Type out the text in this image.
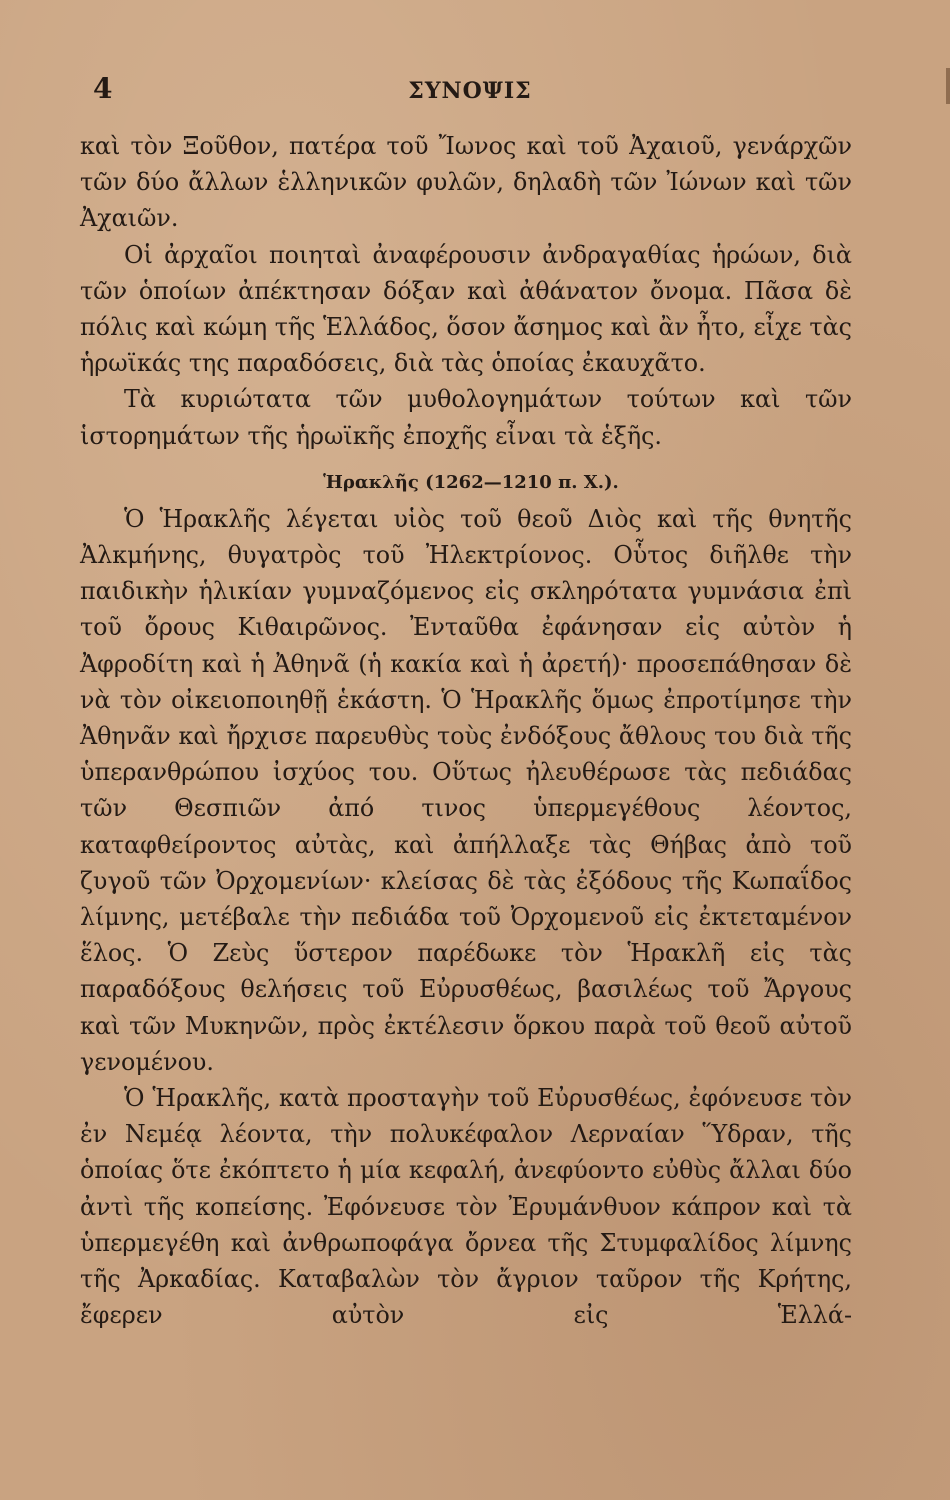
4	ΣΥΝΟΨΙΣ

καὶ τὸν Ξοῦθον, πατέρα τοῦ Ἴωνος καὶ τοῦ Ἀχαιοῦ, γενάρχῶν τῶν δύο ἄλλων ἑλληνικῶν φυλῶν, δηλαδὴ τῶν Ἰώνων καὶ τῶν Ἀχαιῶν.

Οἱ ἀρχαῖοι ποιηταὶ ἀναφέρουσιν ἀνδραγαθίας ἡρώων, διὰ τῶν ὁποίων ἀπέκτησαν δόξαν καὶ ἀθάνατον ὄνομα. Πᾶσα δὲ πόλις καὶ κώμη τῆς Ἑλλάδος, ὅσον ἄσημος καὶ ἂν ἦτο, εἶχε τὰς ἡρωϊκάς της παραδόσεις, διὰ τὰς ὁποίας ἐκαυχᾶτο.

Τὰ κυριώτατα τῶν μυθολογημάτων τούτων καὶ τῶν ἱστορημάτων τῆς ἡρωϊκῆς ἐποχῆς εἶναι τὰ ἑξῆς.

Ἡρακλῆς (1262—1210 π. Χ.).

Ὁ Ἡρακλῆς λέγεται υἱὸς τοῦ θεοῦ Διὸς καὶ τῆς θνητῆς Ἀλκμήνης, θυγατρὸς τοῦ Ἠλεκτρίονος. Οὗτος διῆλθε τὴν παιδικὴν ἡλικίαν γυμναζόμενος εἰς σκληρότατα γυμνάσια ἐπὶ τοῦ ὄρους Κιθαιρῶνος. Ἐνταῦθα ἐφάνησαν εἰς αὐτὸν ἡ Ἀφροδίτη καὶ ἡ Ἀθηνᾶ (ἡ κακία καὶ ἡ ἀρετή)· προσεπάθησαν δὲ νὰ τὸν οἰκειοποιηθῇ ἑκάστη. Ὁ Ἡρακλῆς ὅμως ἐπροτίμησε τὴν Ἀθηνᾶν καὶ ἤρχισε παρευθὺς τοὺς ἐνδόξους ἄθλους του διὰ τῆς ὑπερανθρώπου ἰσχύος του. Οὕτως ἠλευθέρωσε τὰς πεδιάδας τῶν Θεσπιῶν ἀπό τινος ὑπερμεγέθους λέοντος, καταφθείροντος αὐτὰς, καὶ ἀπήλλαξε τὰς Θήβας ἀπὸ τοῦ ζυγοῦ τῶν Ὀρχομενίων· κλείσας δὲ τὰς ἐξόδους τῆς Κωπαΐδος λίμνης, μετέβαλε τὴν πεδιάδα τοῦ Ὀρχομενοῦ εἰς ἐκτεταμένον ἕλος. Ὁ Ζεὺς ὕστερον παρέδωκε τὸν Ἡρακλῆ εἰς τὰς παραδόξους θελήσεις τοῦ Εὐρυσθέως, βασιλέως τοῦ Ἄργους καὶ τῶν Μυκηνῶν, πρὸς ἐκτέλεσιν ὅρκου παρὰ τοῦ θεοῦ αὐτοῦ γενομένου.

Ὁ Ἡρακλῆς, κατὰ προσταγὴν τοῦ Εὐρυσθέως, ἐφόνευσε τὸν ἐν Νεμέᾳ λέοντα, τὴν πολυκέφαλον Λερναίαν Ὕδραν, τῆς ὁποίας ὅτε ἐκόπτετο ἡ μία κεφαλή, ἀνεφύοντο εὐθὺς ἄλλαι δύο ἀντὶ τῆς κοπείσης. Ἐφόνευσε τὸν Ἐρυμάνθυον κάπρον καὶ τὰ ὑπερμεγέθη καὶ ἀνθρωποφάγα ὄρνεα τῆς Στυμφαλίδος λίμνης τῆς Ἀρκαδίας. Καταβαλὼν τὸν ἄγριον ταῦρον τῆς Κρήτης, ἔφερεν αὐτὸν εἰς Ἑλλά-
